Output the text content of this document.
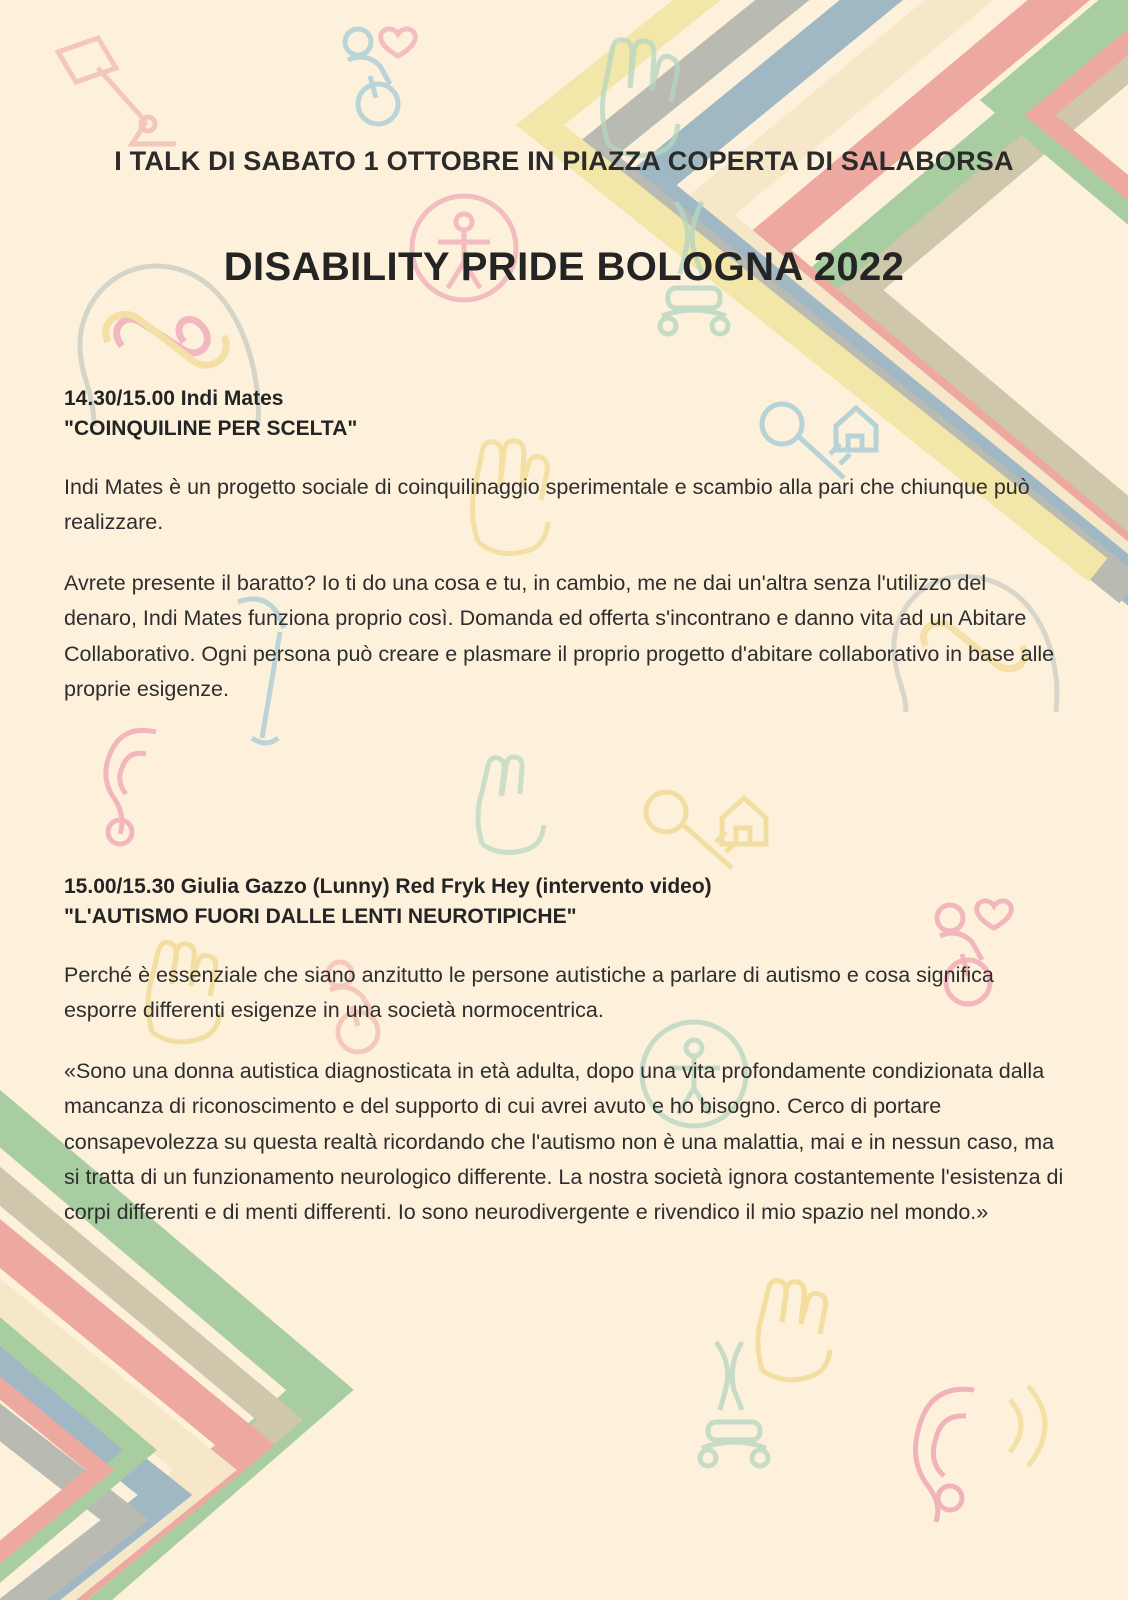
I TALK DI SABATO 1 OTTOBRE IN PIAZZA COPERTA DI SALABORSA
DISABILITY PRIDE BOLOGNA 2022
14.30/15.00 Indi Mates
"COINQUILINE PER SCELTA"

Indi Mates è un progetto sociale di coinquilinaggio sperimentale e scambio alla pari che chiunque può realizzare.

Avrete presente il baratto? Io ti do una cosa e tu, in cambio, me ne dai un'altra senza l'utilizzo del denaro, Indi Mates funziona proprio così. Domanda ed offerta s'incontrano e danno vita ad un Abitare Collaborativo. Ogni persona può creare e plasmare il proprio progetto d'abitare collaborativo in base alle proprie esigenze.

15.00/15.30 Giulia Gazzo (Lunny) Red Fryk Hey (intervento video)
"L'AUTISMO FUORI DALLE LENTI NEUROTIPICHE"

Perché è essenziale che siano anzitutto le persone autistiche a parlare di autismo e cosa significa esporre differenti esigenze in una società normocentrica.

«Sono una donna autistica diagnosticata in età adulta, dopo una vita profondamente condizionata dalla mancanza di riconoscimento e del supporto di cui avrei avuto e ho bisogno. Cerco di portare consapevolezza su questa realtà ricordando che l'autismo non è una malattia, mai e in nessun caso, ma si tratta di un funzionamento neurologico differente. La nostra società ignora costantemente l'esistenza di corpi differenti e di menti differenti. Io sono neurodivergente e rivendico il mio spazio nel mondo.»
